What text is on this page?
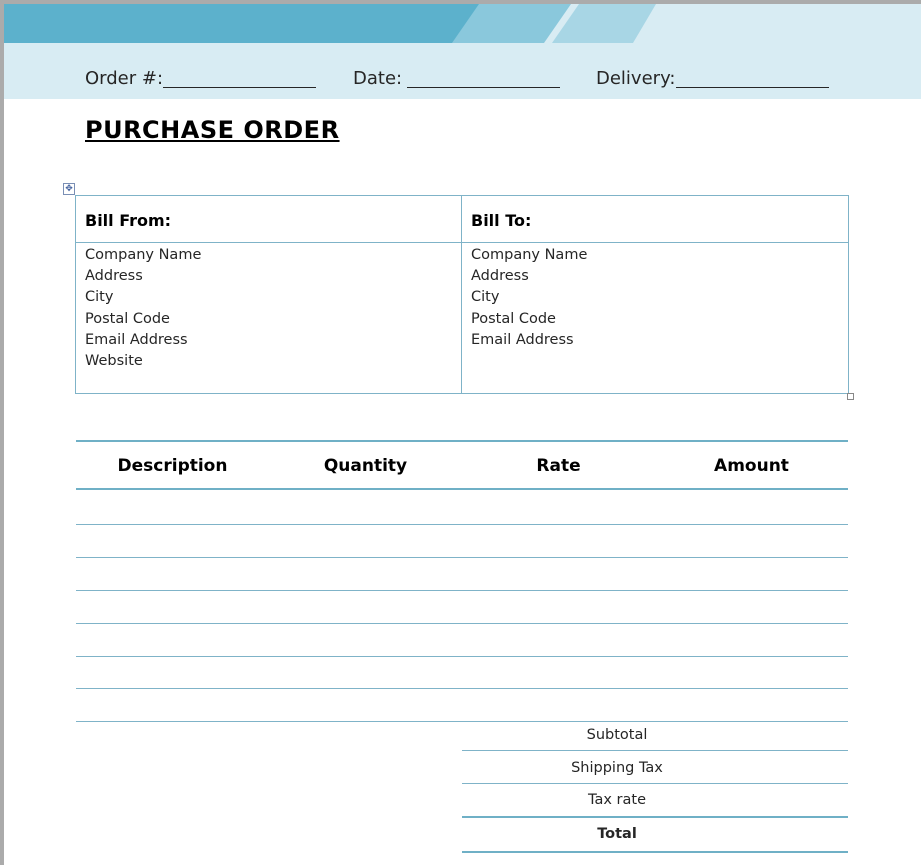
Order #:	Date:	Delivery:
PURCHASE ORDER
✥
Bill From:
Company Name
Address
City
Postal Code
Email Address
Website
Bill To:
Company Name
Address
City
Postal Code
Email Address
Description	Quantity	Rate	Amount
Subtotal
Shipping Tax
Tax rate
Total
